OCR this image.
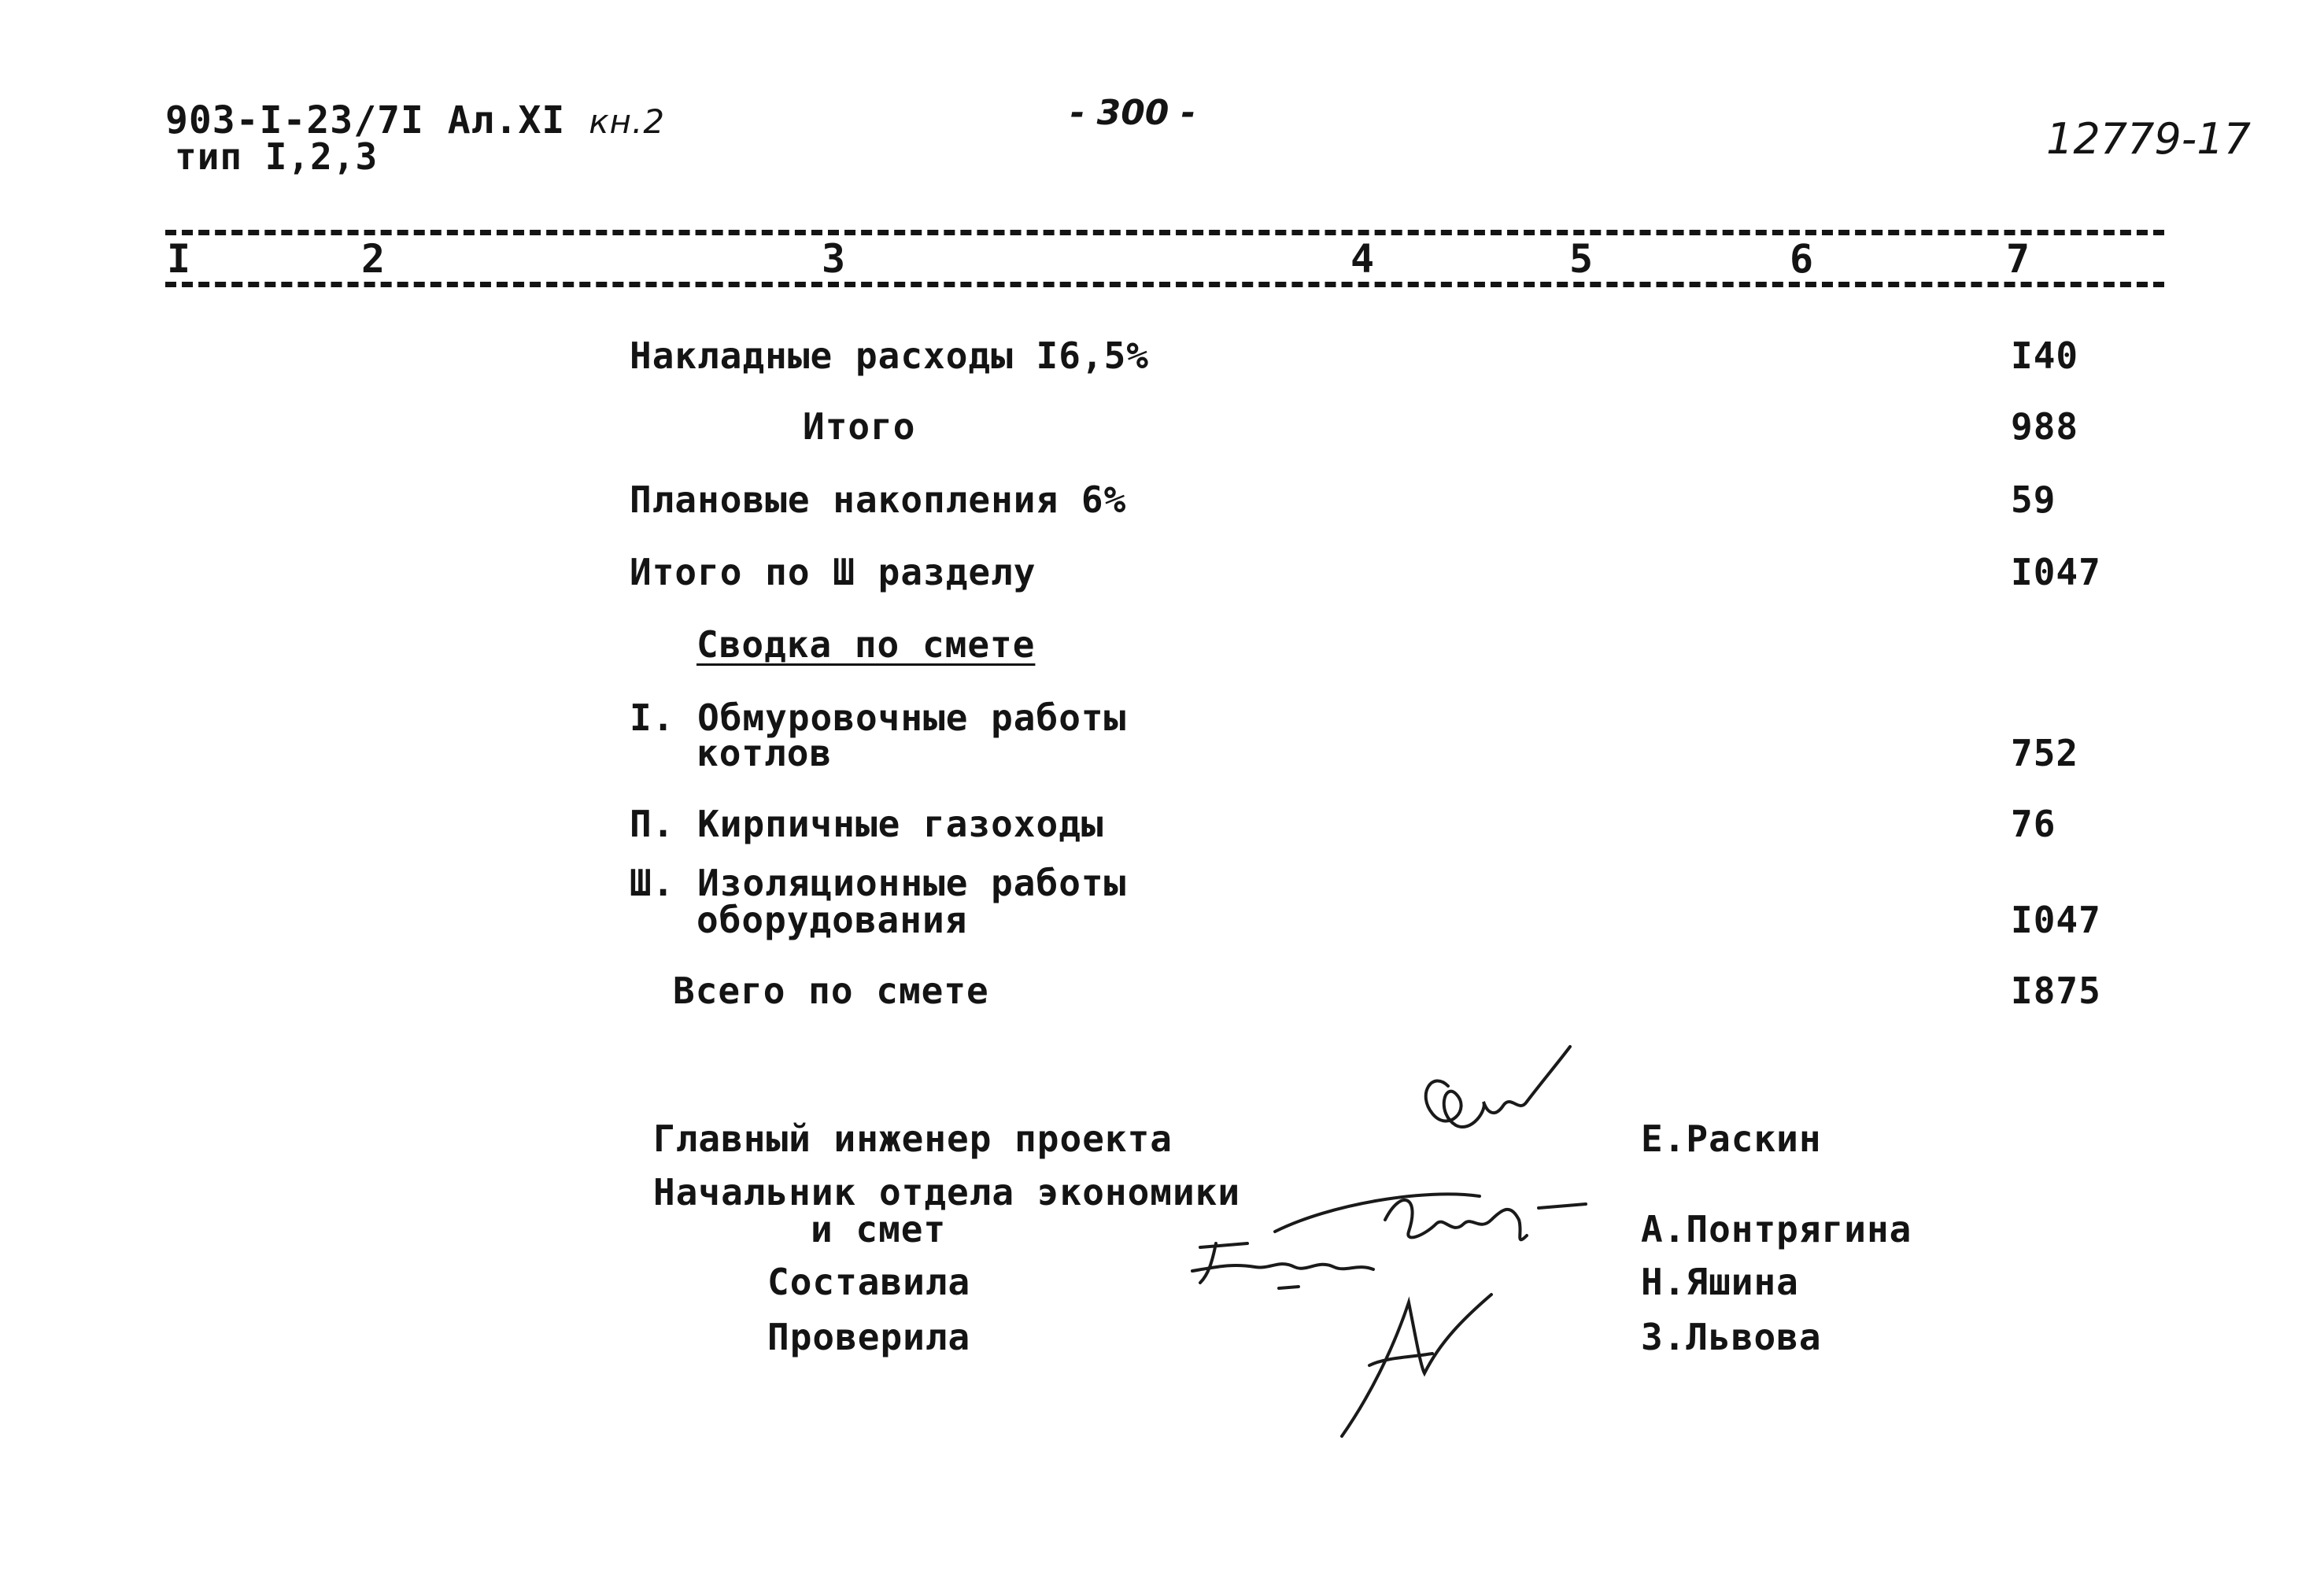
903-I-23/7I Ал.XI кн.2
тип I,2,3
- 300 -
12779-17
I	2	3	4	5	6	7
Накладные расходы I6,5%	I40
Итого	988
Плановые накопления 6%	59
Итого по Ш разделу	I047
Сводка по смете
I. Обмуровочные работы
котлов	752
П. Кирпичные газоходы	76
Ш. Изоляционные работы
оборудования	I047
Всего по смете	I875
Главный инженер проекта	Е.Раскин
Начальник отдела экономики
и смет	А.Понтрягина
Составила	Н.Яшина
Проверила	З.Львова
